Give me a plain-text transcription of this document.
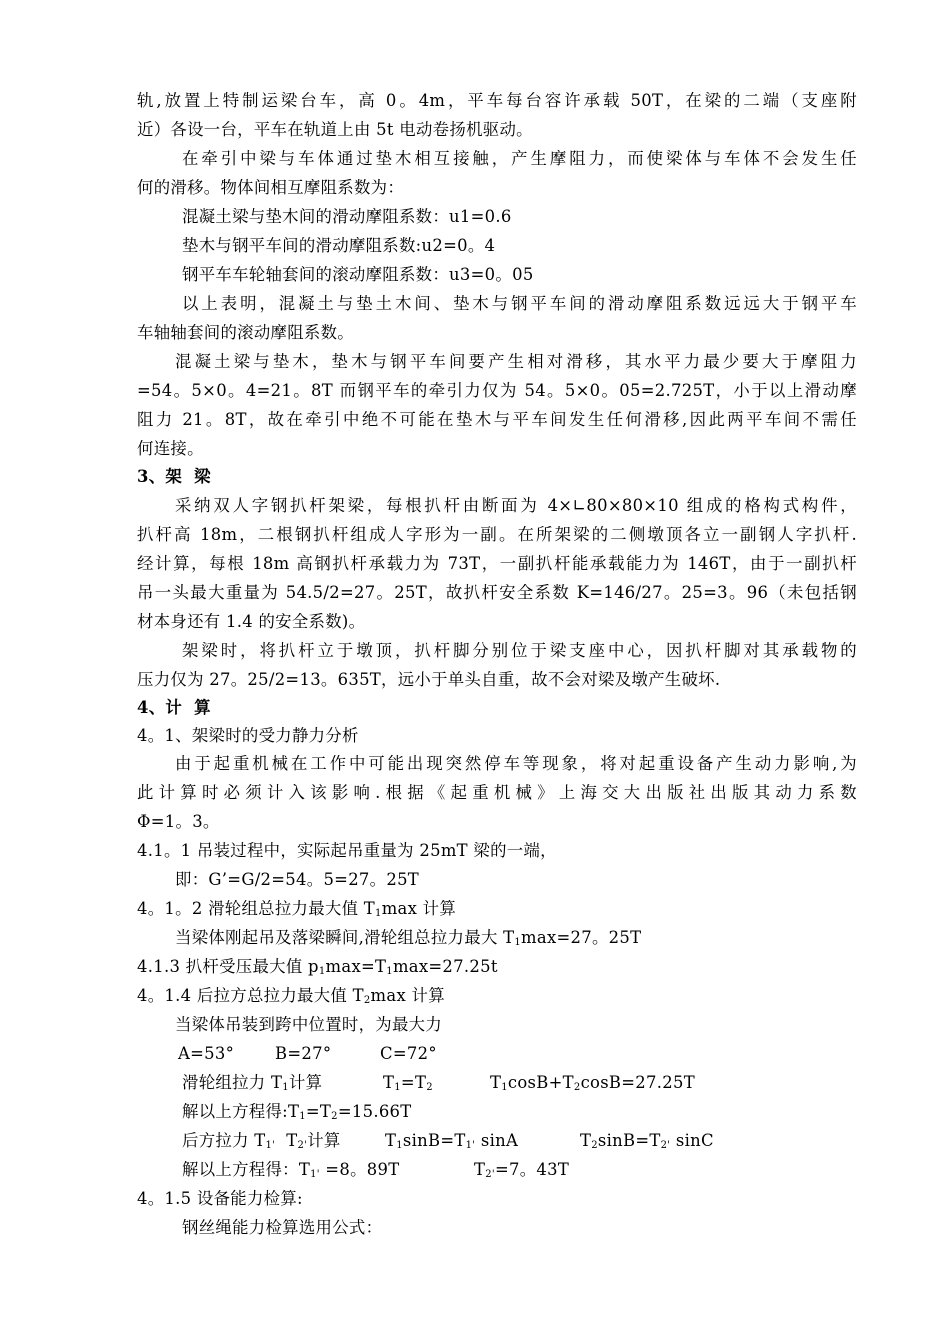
轨,放置上特制运梁台车，高 0。4m，平车每台容许承载 50T，在梁的二端（支座附
近）各设一台，平车在轨道上由 5t 电动卷扬机驱动。
在牵引中梁与车体通过垫木相互接触，产生摩阻力，而使梁体与车体不会发生任
何的滑移。物体间相互摩阻系数为：
混凝土梁与垫木间的滑动摩阻系数：u1=0.6
垫木与钢平车间的滑动摩阻系数:u2=0。4
钢平车车轮轴套间的滚动摩阻系数：u3=0。05
以上表明，混凝土与垫土木间、垫木与钢平车间的滑动摩阻系数远远大于钢平车
车轴轴套间的滚动摩阻系数。
混凝土梁与垫木，垫木与钢平车间要产生相对滑移，其水平力最少要大于摩阻力
=54。5×0。4=21。8T 而钢平车的牵引力仅为 54。5×0。05=2.725T，小于以上滑动摩
阻力 21。8T，故在牵引中绝不可能在垫木与平车间发生任何滑移,因此两平车间不需任
何连接。
3、架  梁
采纳双人字钢扒杆架梁，每根扒杆由断面为 4×∟80×80×10 组成的格构式构件，
扒杆高 18m，二根钢扒杆组成人字形为一副。在所架梁的二侧墩顶各立一副钢人字扒杆.
经计算，每根 18m 高钢扒杆承载力为 73T，一副扒杆能承载能力为 146T，由于一副扒杆
吊一头最大重量为 54.5/2=27。25T，故扒杆安全系数 K=146/27。25=3。96（未包括钢
材本身还有 1.4 的安全系数)。
架梁时，将扒杆立于墩顶，扒杆脚分别位于梁支座中心，因扒杆脚对其承载物的
压力仅为 27。25/2=13。635T，远小于单头自重，故不会对梁及墩产生破坏.
4、计  算
4。1、架梁时的受力静力分析
由于起重机械在工作中可能出现突然停车等现象，将对起重设备产生动力影响,为
此计算时必须计入该影响.根据《起重机械》上海交大出版社出版其动力系数
Φ=1。3。
4.1。1 吊装过程中，实际起吊重量为 25mT 梁的一端，
即：G’=G/2=54。5=27。25T
4。1。2 滑轮组总拉力最大值 $T_1\max$ 计算
当梁体刚起吊及落梁瞬间,滑轮组总拉力最大 $T_1\max=27$。25T
4.1.3 扒杆受压最大值 $p_1\max=T_1\max=27.25t$
4。1.4 后拉方总拉力最大值 $T_2\max$ 计算
当梁体吊装到跨中位置时，为最大力
A=53° B=27°	C=72°
滑轮组拉力 $T_1$计算	$T_1=T_2$	$T_1\cos B+T_2\cos B=27.25T$
解以上方程得$:T_1=T_2=15.66T$
后方拉力 $T_{1'}$  $T_{2'}$计算	$T_1\sin B=T_{1'}$ sinA	$T_2\sin B=T_{2'}$ sinC
解以上方程得：$T_{1'} =8$。89T	$T_{2'}=7$。43T
4。1.5 设备能力检算:
钢丝绳能力检算选用公式：
